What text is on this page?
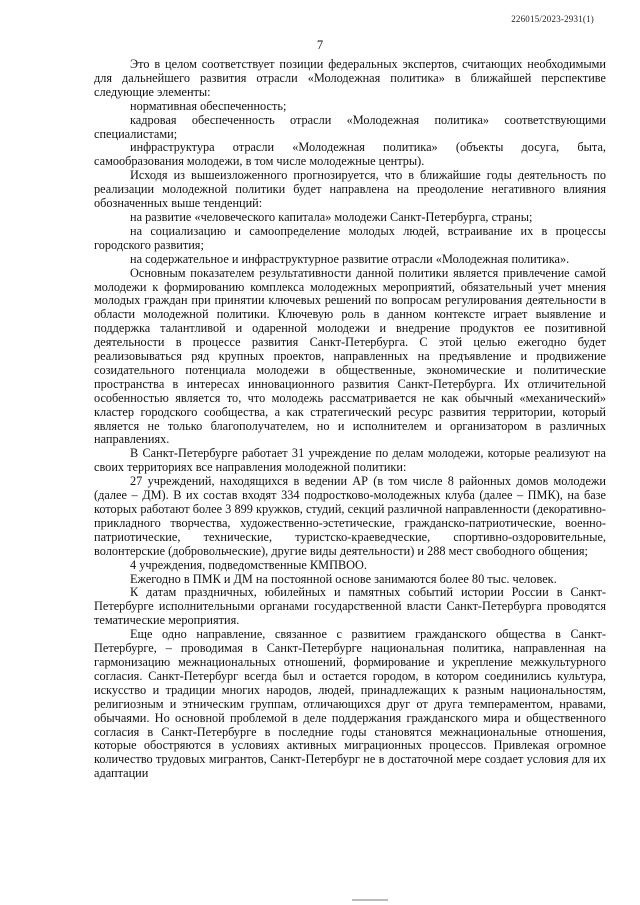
226015/2023-2931(1)
7

Это в целом соответствует позиции федеральных экспертов, считающих необходимыми для дальнейшего развития отрасли «Молодежная политика» в ближайшей перспективе следующие элементы:

нормативная обеспеченность;

кадровая обеспеченность отрасли «Молодежная политика» соответствующими специалистами;

инфраструктура отрасли «Молодежная политика» (объекты досуга, быта, самообразования молодежи, в том числе молодежные центры).

Исходя из вышеизложенного прогнозируется, что в ближайшие годы деятельность по реализации молодежной политики будет направлена на преодоление негативного влияния обозначенных выше тенденций:

на развитие «человеческого капитала» молодежи Санкт-Петербурга, страны;

на социализацию и самоопределение молодых людей, встраивание их в процессы городского развития;

на содержательное и инфраструктурное развитие отрасли «Молодежная политика».

Основным показателем результативности данной политики является привлечение самой молодежи к формированию комплекса молодежных мероприятий, обязательный учет мнения молодых граждан при принятии ключевых решений по вопросам регулирования деятельности в области молодежной политики. Ключевую роль в данном контексте играет выявление и поддержка талантливой и одаренной молодежи и внедрение продуктов ее позитивной деятельности в процессе развития Санкт-Петербурга. С этой целью ежегодно будет реализовываться ряд крупных проектов, направленных на предъявление и продвижение созидательного потенциала молодежи в общественные, экономические и политические пространства в интересах инновационного развития Санкт-Петербурга. Их отличительной особенностью является то, что молодежь рассматривается не как обычный «механический» кластер городского сообщества, а как стратегический ресурс развития территории, который является не только благополучателем, но и исполнителем и организатором в различных направлениях.

В Санкт-Петербурге работает 31 учреждение по делам молодежи, которые реализуют на своих территориях все направления молодежной политики:

27 учреждений, находящихся в ведении АР (в том числе 8 районных домов молодежи (далее – ДМ). В их состав входят 334 подростково-молодежных клуба (далее – ПМК), на базе которых работают более 3 899 кружков, студий, секций различной направленности (декоративно-прикладного творчества, художественно-эстетические, гражданско-патриотические, военно-патриотические, технические, туристско-краеведческие, спортивно-оздоровительные, волонтерские (добровольческие), другие виды деятельности) и 288 мест свободного общения;

4 учреждения, подведомственные КМПВОО.

Ежегодно в ПМК и ДМ на постоянной основе занимаются более 80 тыс. человек.

К датам праздничных, юбилейных и памятных событий истории России в Санкт-Петербурге исполнительными органами государственной власти Санкт-Петербурга проводятся тематические мероприятия.

Еще одно направление, связанное с развитием гражданского общества в Санкт-Петербурге, – проводимая в Санкт-Петербурге национальная политика, направленная на гармонизацию межнациональных отношений, формирование и укрепление межкультурного согласия. Санкт-Петербург всегда был и остается городом, в котором соединились культура, искусство и традиции многих народов, людей, принадлежащих к разным национальностям, религиозным и этническим группам, отличающихся друг от друга темпераментом, нравами, обычаями. Но основной проблемой в деле поддержания гражданского мира и общественного согласия в Санкт-Петербурге в последние годы становятся межнациональные отношения, которые обостряются в условиях активных миграционных процессов. Привлекая огромное количество трудовых мигрантов, Санкт-Петербург не в достаточной мере создает условия для их адаптации
